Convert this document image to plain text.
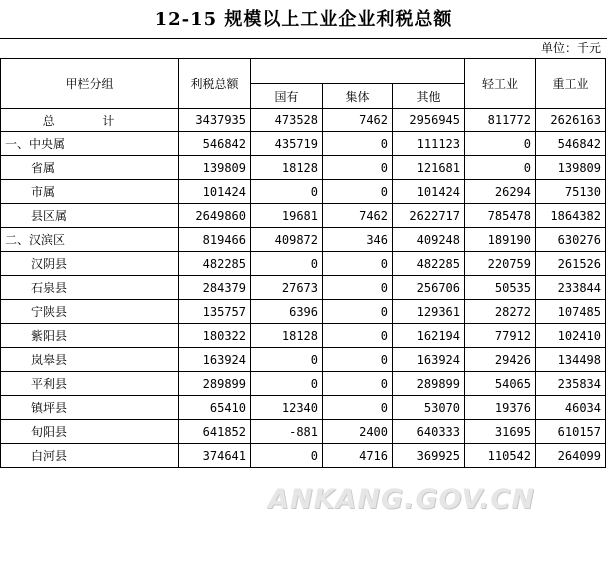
12-15 规模以上工业企业利税总额
单位：千元
甲栏分组	利税总额				轻工业	重工业
		国有	集体	其他		
总 计	3437935	473528	7462	2956945	811772	2626163
一、中央属	546842	435719	0	111123	0	546842
省属	139809	18128	0	121681	0	139809
市属	101424	0	0	101424	26294	75130
县区属	2649860	19681	7462	2622717	785478	1864382
二、汉滨区	819466	409872	346	409248	189190	630276
汉阴县	482285	0	0	482285	220759	261526
石泉县	284379	27673	0	256706	50535	233844
宁陕县	135757	6396	0	129361	28272	107485
紫阳县	180322	18128	0	162194	77912	102410
岚皋县	163924	0	0	163924	29426	134498
平利县	289899	0	0	289899	54065	235834
镇坪县	65410	12340	0	53070	19376	46034
旬阳县	641852	-881	2400	640333	31695	610157
白河县	374641	0	4716	369925	110542	264099
ANKANG.GOV.CN
